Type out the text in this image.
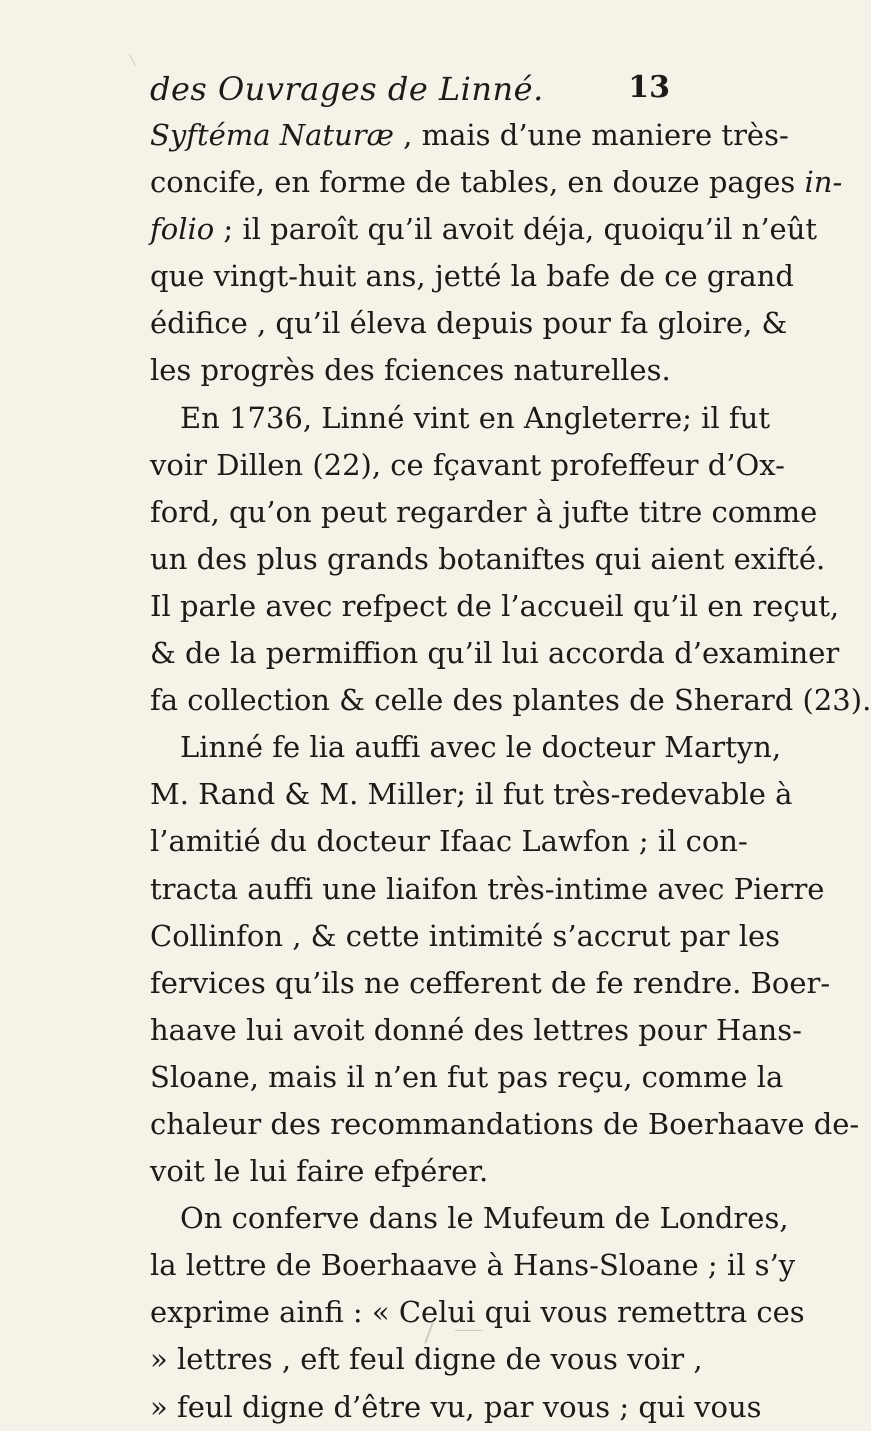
des Ouvrages de Linné.	13
Syftéma Naturæ , mais d’une maniere très-
concife, en forme de tables, en douze pages in-
folio ; il paroît qu’il avoit déja, quoiqu’il n’eût
que vingt-huit ans, jetté la bafe de ce grand
édifice , qu’il éleva depuis pour fa gloire, &
les progrès des fciences naturelles.
En 1736, Linné vint en Angleterre; il fut
voir Dillen (22), ce fçavant profeffeur d’Ox-
ford, qu’on peut regarder à jufte titre comme
un des plus grands botaniftes qui aient exifté.
Il parle avec refpect de l’accueil qu’il en reçut,
& de la permiffion qu’il lui accorda d’examiner
fa collection & celle des plantes de Sherard (23).
Linné fe lia auffi avec le docteur Martyn,
M. Rand & M. Miller; il fut très-redevable à
l’amitié du docteur Ifaac Lawfon ; il con-
tracta auffi une liaifon très-intime avec Pierre
Collinfon , & cette intimité s’accrut par les
fervices qu’ils ne cefferent de fe rendre. Boer-
haave lui avoit donné des lettres pour Hans-
Sloane, mais il n’en fut pas reçu, comme la
chaleur des recommandations de Boerhaave de-
voit le lui faire efpérer.
On conferve dans le Mufeum de Londres,
la lettre de Boerhaave à Hans-Sloane ; il s’y
exprime ainfi : « Celui qui vous remettra ces
» lettres , eft feul digne de vous voir ,
» feul digne d’être vu, par vous ; qui vous
